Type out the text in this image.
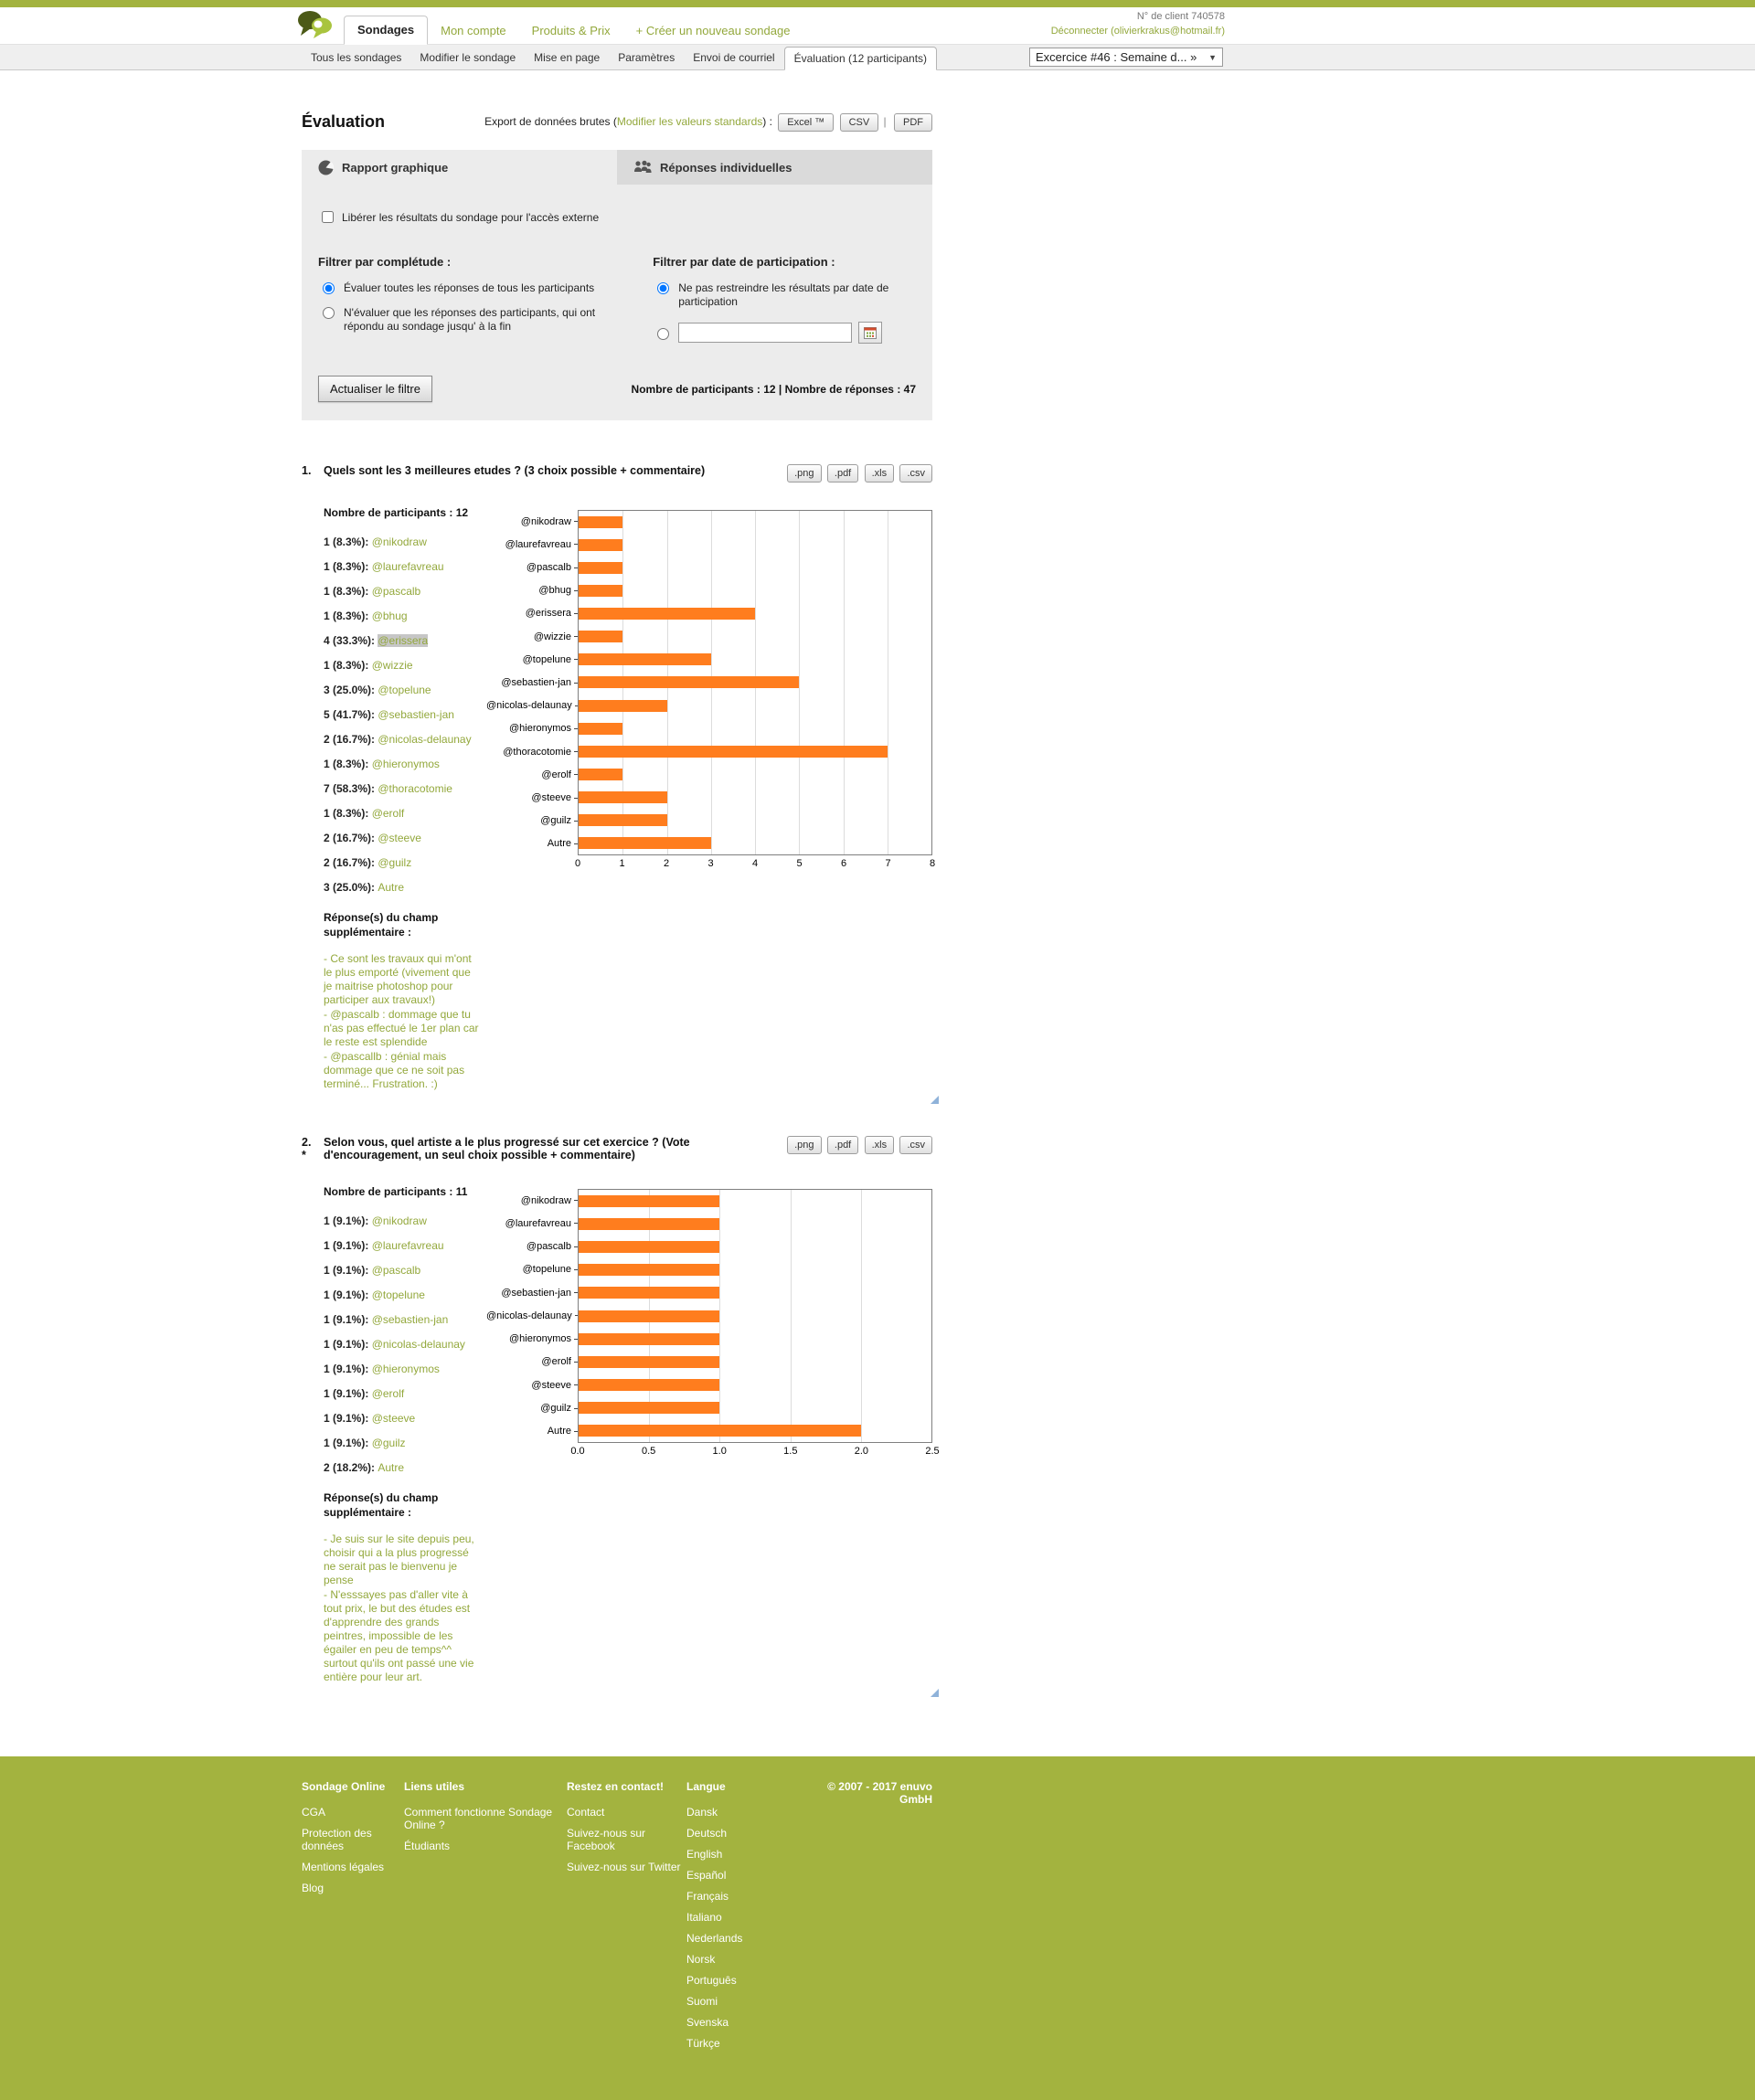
Sondages	Mon compte	Produits & Prix	+ Créer un nouveau sondage
N° de client 740578
Déconnecter (olivierkrakus@hotmail.fr)
Tous les sondages	Modifier le sondage	Mise en page	Paramètres	Envoi de courriel	Évaluation (12 participants)	Excercice #46 : Semaine d... » ▼
Évaluation	Export de données brutes (Modifier les valeurs standards) : Excel ™ CSV | PDF
Rapport graphique	Réponses individuelles
Libérer les résultats du sondage pour l'accès externe
Filtrer par complétude :
Évaluer toutes les réponses de tous les participants
N'évaluer que les réponses des participants, qui ont répondu au sondage jusqu' à la fin
Filtrer par date de participation :
Ne pas restreindre les résultats par date de participation
Actualiser le filtre	Nombre de participants : 12 | Nombre de réponses : 47
1.	Quels sont les 3 meilleures etudes ? (3 choix possible + commentaire)	.png .pdf .xls .csv
Nombre de participants : 12
1 (8.3%): @nikodraw
1 (8.3%): @laurefavreau
1 (8.3%): @pascalb
1 (8.3%): @bhug
4 (33.3%): @erissera
1 (8.3%): @wizzie
3 (25.0%): @topelune
5 (41.7%): @sebastien-jan
2 (16.7%): @nicolas-delaunay
1 (8.3%): @hieronymos
7 (58.3%): @thoracotomie
1 (8.3%): @erolf
2 (16.7%): @steeve
2 (16.7%): @guilz
3 (25.0%): Autre
Réponse(s) du champ supplémentaire :
- Ce sont les travaux qui m'ont le plus emporté (vivement que je maitrise photoshop pour participer aux travaux!)
- @pascalb : dommage que tu n'as pas effectué le 1er plan car le reste est splendide
- @pascallb : génial mais dommage que ce ne soit pas terminé... Frustration. :)
@nikodraw
@laurefavreau
@pascalb
@bhug
@erissera
@wizzie
@topelune
@sebastien-jan
@nicolas-delaunay
@hieronymos
@thoracotomie
@erolf
@steeve
@guilz
Autre
0	1	2	3	4	5	6	7	8
2.
*
Selon vous, quel artiste a le plus progressé sur cet exercice ? (Vote d'encouragement, un seul choix possible + commentaire)
.png .pdf .xls .csv
Nombre de participants : 11
1 (9.1%): @nikodraw
1 (9.1%): @laurefavreau
1 (9.1%): @pascalb
1 (9.1%): @topelune
1 (9.1%): @sebastien-jan
1 (9.1%): @nicolas-delaunay
1 (9.1%): @hieronymos
1 (9.1%): @erolf
1 (9.1%): @steeve
1 (9.1%): @guilz
2 (18.2%): Autre
Réponse(s) du champ supplémentaire :
- Je suis sur le site depuis peu, choisir qui a la plus progressé ne serait pas le bienvenu je pense
- N'esssayes pas d'aller vite à tout prix, le but des études est d'apprendre des grands peintres, impossible de les égailer en peu de temps^^ surtout qu'ils ont passé une vie entière pour leur art.
@nikodraw
@laurefavreau
@pascalb
@topelune
@sebastien-jan
@nicolas-delaunay
@hieronymos
@erolf
@steeve
@guilz
Autre
0.0	0.5	1.0	1.5	2.0	2.5
Sondage Online
CGA
Protection des données
Mentions légales
Blog
Liens utiles
Comment fonctionne Sondage Online ?
Étudiants
Restez en contact!
Contact
Suivez-nous sur Facebook
Suivez-nous sur Twitter
Langue
Dansk
Deutsch
English
Español
Français
Italiano
Nederlands
Norsk
Português
Suomi
Svenska
Türkçe
© 2007 - 2017 enuvo GmbH
